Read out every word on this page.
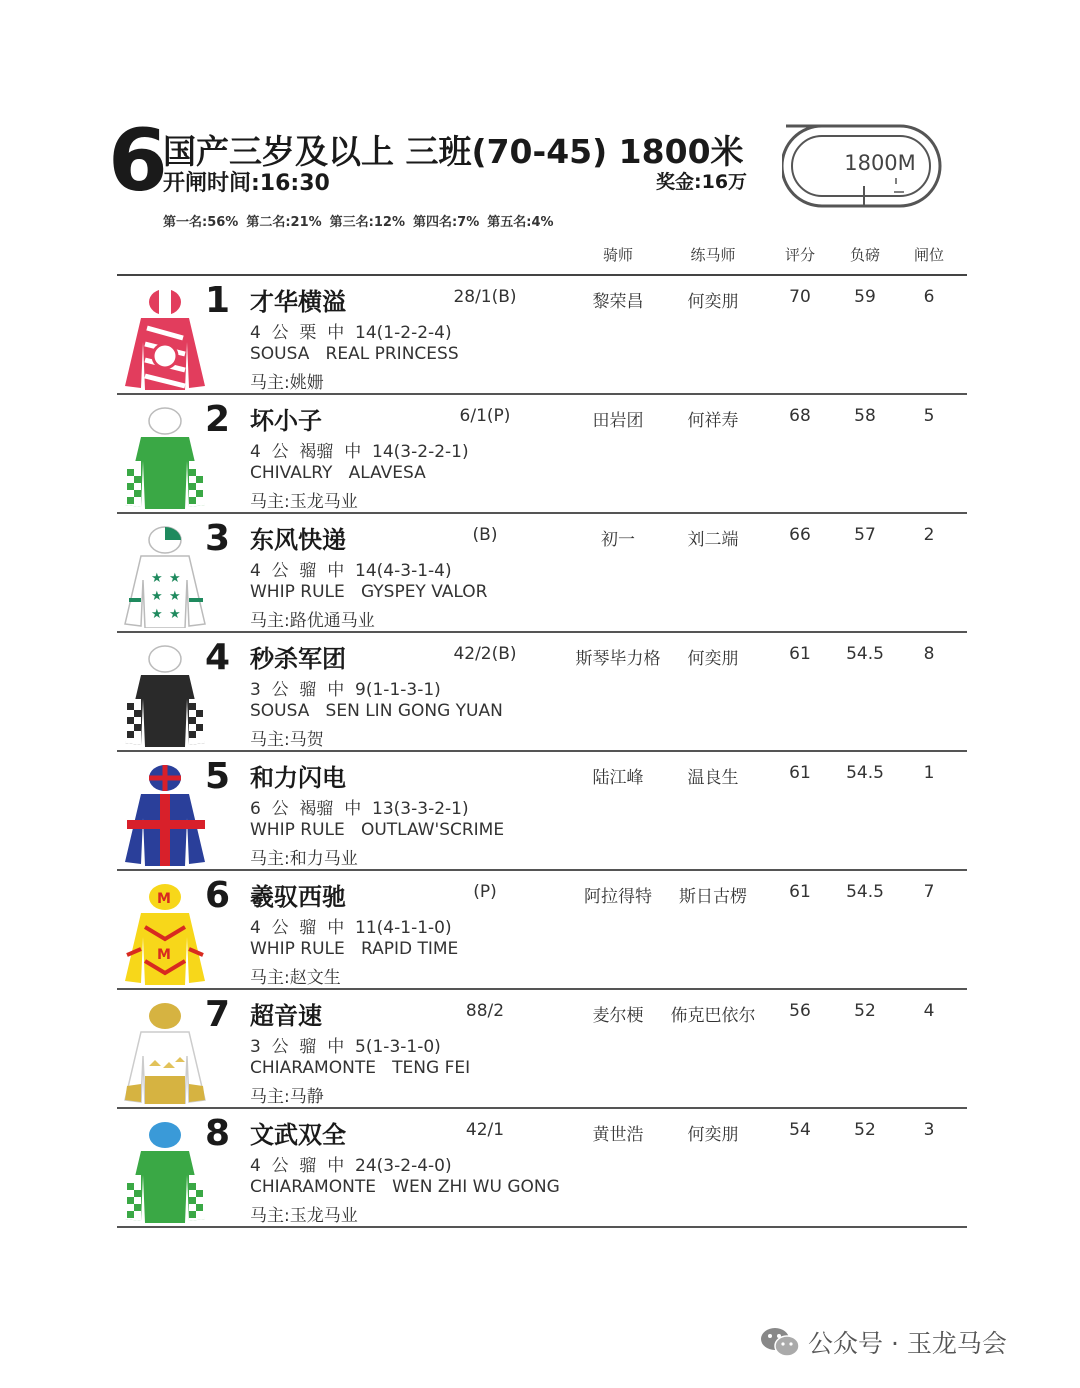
6
国产三岁及以上 三班(70-45) 1800米
开闸时间:16:30	奖金:16万
第一名:56% 第二名:21% 第三名:12% 第四名:7% 第五名:4%
1800M
骑师	练马师	评分	负磅	闸位
1 才华横溢	28/1(B)
4  公  栗  中  14(1-2-2-4)
SOUSA   REAL PRINCESS
马主:姚姗
黎荣昌	何奕朋	70	59	6
2 坏小子	6/1(P)
4  公  褐骝  中  14(3-2-2-1)
CHIVALRY   ALAVESA
马主:玉龙马业
田岩团	何祥寿	68	58	5
★ ★
★ ★
★ ★
3 东风快递	(B)
4  公  骝  中  14(4-3-1-4)
WHIP RULE   GYSPEY VALOR
马主:路优通马业
初一	刘二端	66	57	2
4 秒杀军团	42/2(B)
3  公  骝  中  9(1-1-3-1)
SOUSA   SEN LIN GONG YUAN
马主:马贺
斯琴毕力格	何奕朋	61	54.5	8
5 和力闪电
6  公  褐骝  中  13(3-3-2-1)
WHIP RULE   OUTLAW'SCRIME
马主:和力马业
陆江峰	温良生	61	54.5	1
M
M
6 羲驭西驰	(P)
4  公  骝  中  11(4-1-1-0)
WHIP RULE   RAPID TIME
马主:赵文生
阿拉得特	斯日古楞	61	54.5	7
7 超音速	88/2
3  公  骝  中  5(1-3-1-0)
CHIARAMONTE   TENG FEI
马主:马静
麦尔梗	佈克巴依尔	56	52	4
8 文武双全	42/1
4  公  骝  中  24(3-2-4-0)
CHIARAMONTE   WEN ZHI WU GONG
马主:玉龙马业
黄世浩	何奕朋	54	52	3
公众号 · 玉龙马会
